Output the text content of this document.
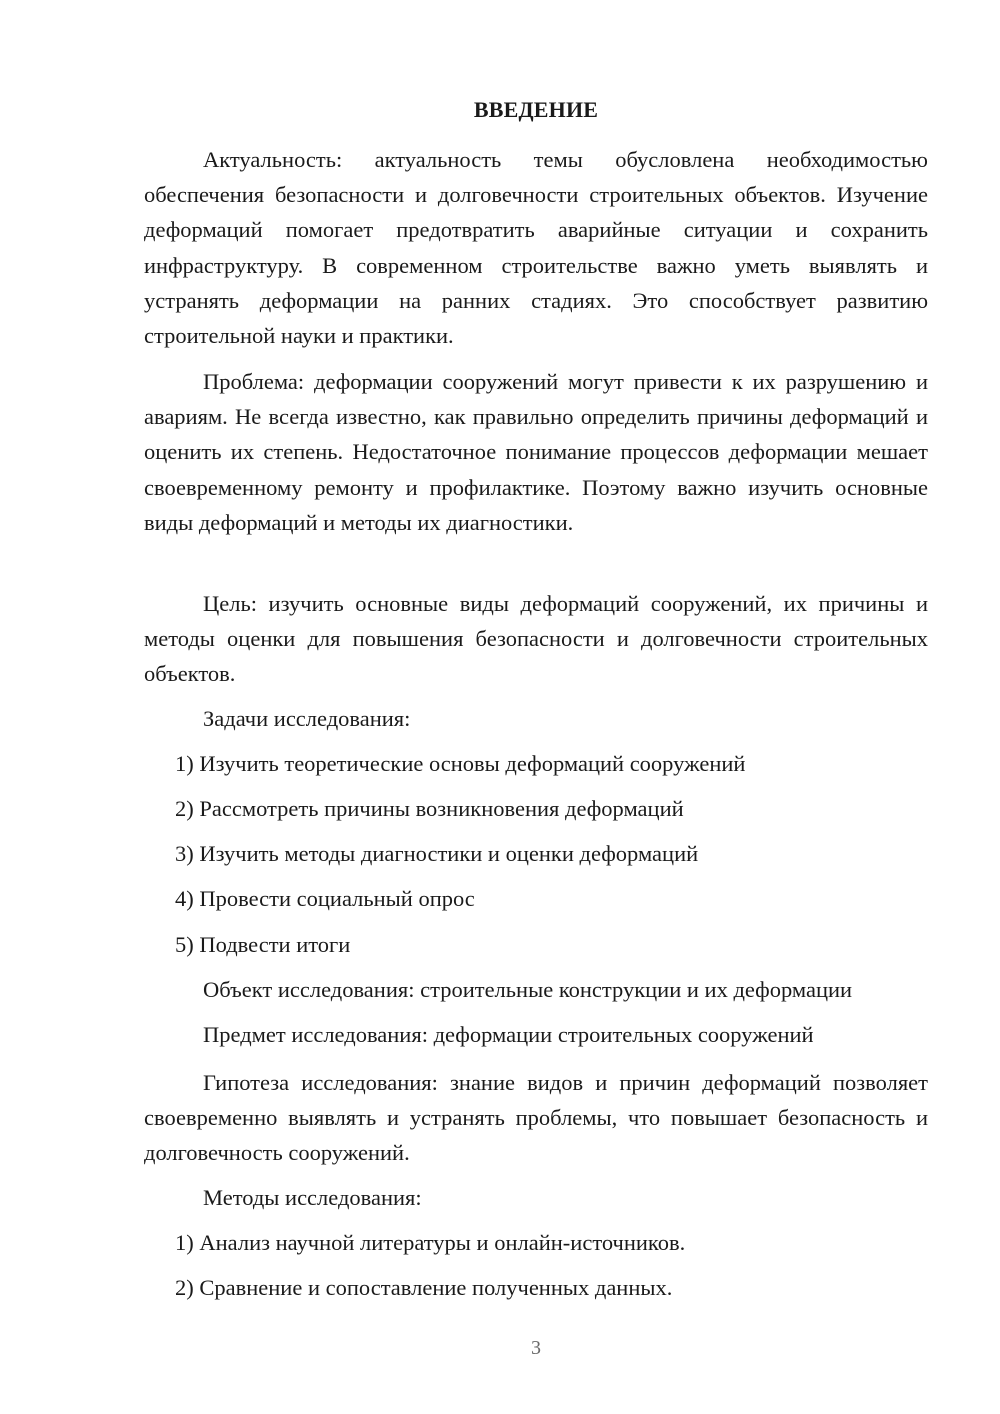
ВВЕДЕНИЕ

Актуальность: актуальность темы обусловлена необходимостью обеспечения безопасности и долговечности строительных объектов. Изучение деформаций помогает предотвратить аварийные ситуации и сохранить инфраструктуру. В современном строительстве важно уметь выявлять и устранять деформации на ранних стадиях. Это способствует развитию строительной науки и практики.

Проблема: деформации сооружений могут привести к их разрушению и авариям. Не всегда известно, как правильно определить причины деформаций и оценить их степень. Недостаточное понимание процессов деформации мешает своевременному ремонту и профилактике. Поэтому важно изучить основные виды деформаций и методы их диагностики.

Цель: изучить основные виды деформаций сооружений, их причины и методы оценки для повышения безопасности и долговечности строительных объектов.

Задачи исследования:
1) Изучить теоретические основы деформаций сооружений
2) Рассмотреть причины возникновения деформаций
3) Изучить методы диагностики и оценки деформаций
4) Провести социальный опрос
5) Подвести итоги
Объект исследования: строительные конструкции и их деформации
Предмет исследования: деформации строительных сооружений

Гипотеза исследования: знание видов и причин деформаций позволяет своевременно выявлять и устранять проблемы, что повышает безопасность и долговечность сооружений.

Методы исследования:
1) Анализ научной литературы и онлайн-источников.
2) Сравнение и сопоставление полученных данных.
3
